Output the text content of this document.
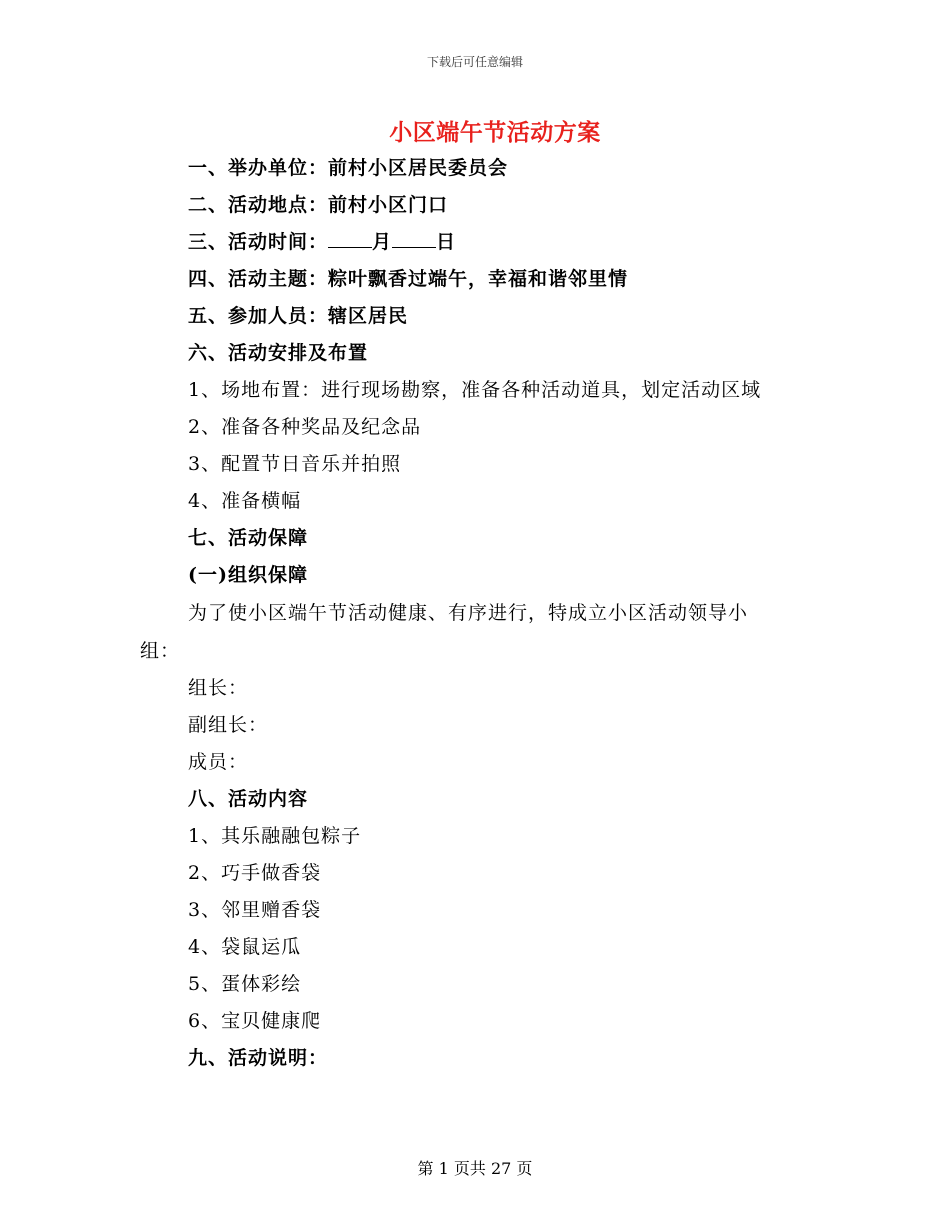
下载后可任意编辑
小区端午节活动方案
一、举办单位：前村小区居民委员会
二、活动地点：前村小区门口
三、活动时间： 月 日
四、活动主题：粽叶飘香过端午，幸福和谐邻里情
五、参加人员：辖区居民
六、活动安排及布置
1、场地布置：进行现场勘察，准备各种活动道具，划定活动区域
2、准备各种奖品及纪念品
3、配置节日音乐并拍照
4、准备横幅
七、活动保障
(一)组织保障
为了使小区端午节活动健康、有序进行，特成立小区活动领导小
组：
组长：
副组长：
成员：
八、活动内容
1、其乐融融包粽子
2、巧手做香袋
3、邻里赠香袋
4、袋鼠运瓜
5、蛋体彩绘
6、宝贝健康爬
九、活动说明：
第 1 页共 27 页
